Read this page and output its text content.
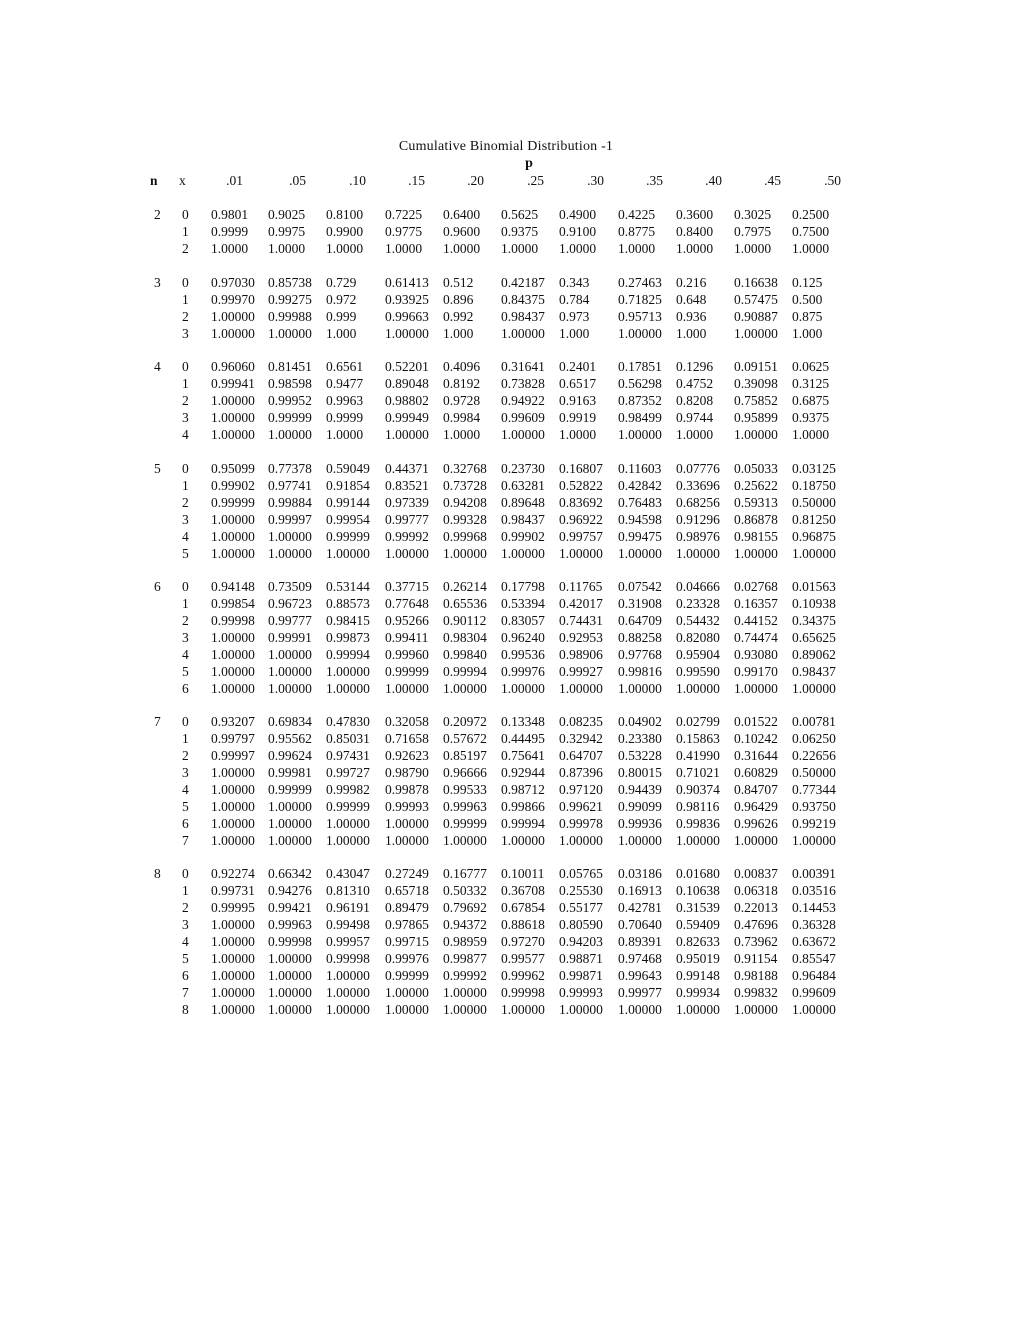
Cumulative Binomial Distribution -1
p
n x	.01	.05	.10	.15	.20	.25	.30	.35	.40	.45	.50
2 0 0.9801 0.9025 0.8100 0.7225 0.6400 0.5625 0.4900 0.4225 0.3600 0.3025 0.2500
1 0.9999 0.9975 0.9900 0.9775 0.9600 0.9375 0.9100 0.8775 0.8400 0.7975 0.7500
2 1.0000 1.0000 1.0000 1.0000 1.0000 1.0000 1.0000 1.0000 1.0000 1.0000 1.0000
3 0 0.97030 0.85738 0.729 0.61413 0.512 0.42187 0.343 0.27463 0.216 0.16638 0.125
1 0.99970 0.99275 0.972 0.93925 0.896 0.84375 0.784 0.71825 0.648 0.57475 0.500
2 1.00000 0.99988 0.999 0.99663 0.992 0.98437 0.973 0.95713 0.936 0.90887 0.875
3 1.00000 1.00000 1.000 1.00000 1.000 1.00000 1.000 1.00000 1.000 1.00000 1.000
4 0 0.96060 0.81451 0.6561 0.52201 0.4096 0.31641 0.2401 0.17851 0.1296 0.09151 0.0625
1 0.99941 0.98598 0.9477 0.89048 0.8192 0.73828 0.6517 0.56298 0.4752 0.39098 0.3125
2 1.00000 0.99952 0.9963 0.98802 0.9728 0.94922 0.9163 0.87352 0.8208 0.75852 0.6875
3 1.00000 0.99999 0.9999 0.99949 0.9984 0.99609 0.9919 0.98499 0.9744 0.95899 0.9375
4 1.00000 1.00000 1.0000 1.00000 1.0000 1.00000 1.0000 1.00000 1.0000 1.00000 1.0000
5 0 0.95099 0.77378 0.59049 0.44371 0.32768 0.23730 0.16807 0.11603 0.07776 0.05033 0.03125
1 0.99902 0.97741 0.91854 0.83521 0.73728 0.63281 0.52822 0.42842 0.33696 0.25622 0.18750
2 0.99999 0.99884 0.99144 0.97339 0.94208 0.89648 0.83692 0.76483 0.68256 0.59313 0.50000
3 1.00000 0.99997 0.99954 0.99777 0.99328 0.98437 0.96922 0.94598 0.91296 0.86878 0.81250
4 1.00000 1.00000 0.99999 0.99992 0.99968 0.99902 0.99757 0.99475 0.98976 0.98155 0.96875
5 1.00000 1.00000 1.00000 1.00000 1.00000 1.00000 1.00000 1.00000 1.00000 1.00000 1.00000
6 0 0.94148 0.73509 0.53144 0.37715 0.26214 0.17798 0.11765 0.07542 0.04666 0.02768 0.01563
1 0.99854 0.96723 0.88573 0.77648 0.65536 0.53394 0.42017 0.31908 0.23328 0.16357 0.10938
2 0.99998 0.99777 0.98415 0.95266 0.90112 0.83057 0.74431 0.64709 0.54432 0.44152 0.34375
3 1.00000 0.99991 0.99873 0.99411 0.98304 0.96240 0.92953 0.88258 0.82080 0.74474 0.65625
4 1.00000 1.00000 0.99994 0.99960 0.99840 0.99536 0.98906 0.97768 0.95904 0.93080 0.89062
5 1.00000 1.00000 1.00000 0.99999 0.99994 0.99976 0.99927 0.99816 0.99590 0.99170 0.98437
6 1.00000 1.00000 1.00000 1.00000 1.00000 1.00000 1.00000 1.00000 1.00000 1.00000 1.00000
7 0 0.93207 0.69834 0.47830 0.32058 0.20972 0.13348 0.08235 0.04902 0.02799 0.01522 0.00781
1 0.99797 0.95562 0.85031 0.71658 0.57672 0.44495 0.32942 0.23380 0.15863 0.10242 0.06250
2 0.99997 0.99624 0.97431 0.92623 0.85197 0.75641 0.64707 0.53228 0.41990 0.31644 0.22656
3 1.00000 0.99981 0.99727 0.98790 0.96666 0.92944 0.87396 0.80015 0.71021 0.60829 0.50000
4 1.00000 0.99999 0.99982 0.99878 0.99533 0.98712 0.97120 0.94439 0.90374 0.84707 0.77344
5 1.00000 1.00000 0.99999 0.99993 0.99963 0.99866 0.99621 0.99099 0.98116 0.96429 0.93750
6 1.00000 1.00000 1.00000 1.00000 0.99999 0.99994 0.99978 0.99936 0.99836 0.99626 0.99219
7 1.00000 1.00000 1.00000 1.00000 1.00000 1.00000 1.00000 1.00000 1.00000 1.00000 1.00000
8 0 0.92274 0.66342 0.43047 0.27249 0.16777 0.10011 0.05765 0.03186 0.01680 0.00837 0.00391
1 0.99731 0.94276 0.81310 0.65718 0.50332 0.36708 0.25530 0.16913 0.10638 0.06318 0.03516
2 0.99995 0.99421 0.96191 0.89479 0.79692 0.67854 0.55177 0.42781 0.31539 0.22013 0.14453
3 1.00000 0.99963 0.99498 0.97865 0.94372 0.88618 0.80590 0.70640 0.59409 0.47696 0.36328
4 1.00000 0.99998 0.99957 0.99715 0.98959 0.97270 0.94203 0.89391 0.82633 0.73962 0.63672
5 1.00000 1.00000 0.99998 0.99976 0.99877 0.99577 0.98871 0.97468 0.95019 0.91154 0.85547
6 1.00000 1.00000 1.00000 0.99999 0.99992 0.99962 0.99871 0.99643 0.99148 0.98188 0.96484
7 1.00000 1.00000 1.00000 1.00000 1.00000 0.99998 0.99993 0.99977 0.99934 0.99832 0.99609
8 1.00000 1.00000 1.00000 1.00000 1.00000 1.00000 1.00000 1.00000 1.00000 1.00000 1.00000
